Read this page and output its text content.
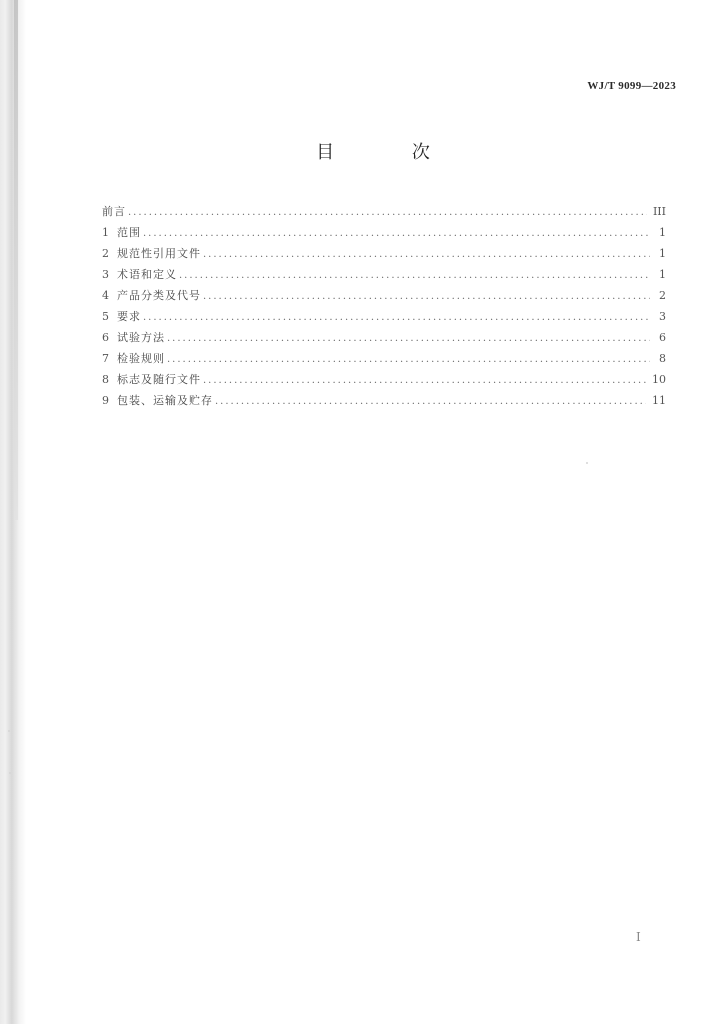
WJ/T 9099—2023
目 次
前言 .....	III
1 范围 .....	1
2 规范性引用文件 .....	1
3 术语和定义 .....	1
4 产品分类及代号 .....	2
5 要求 .....	3
6 试验方法 .....	6
7 检验规则 .....	8
8 标志及随行文件 .....	10
9 包装、运输及贮存 .....	11
I
